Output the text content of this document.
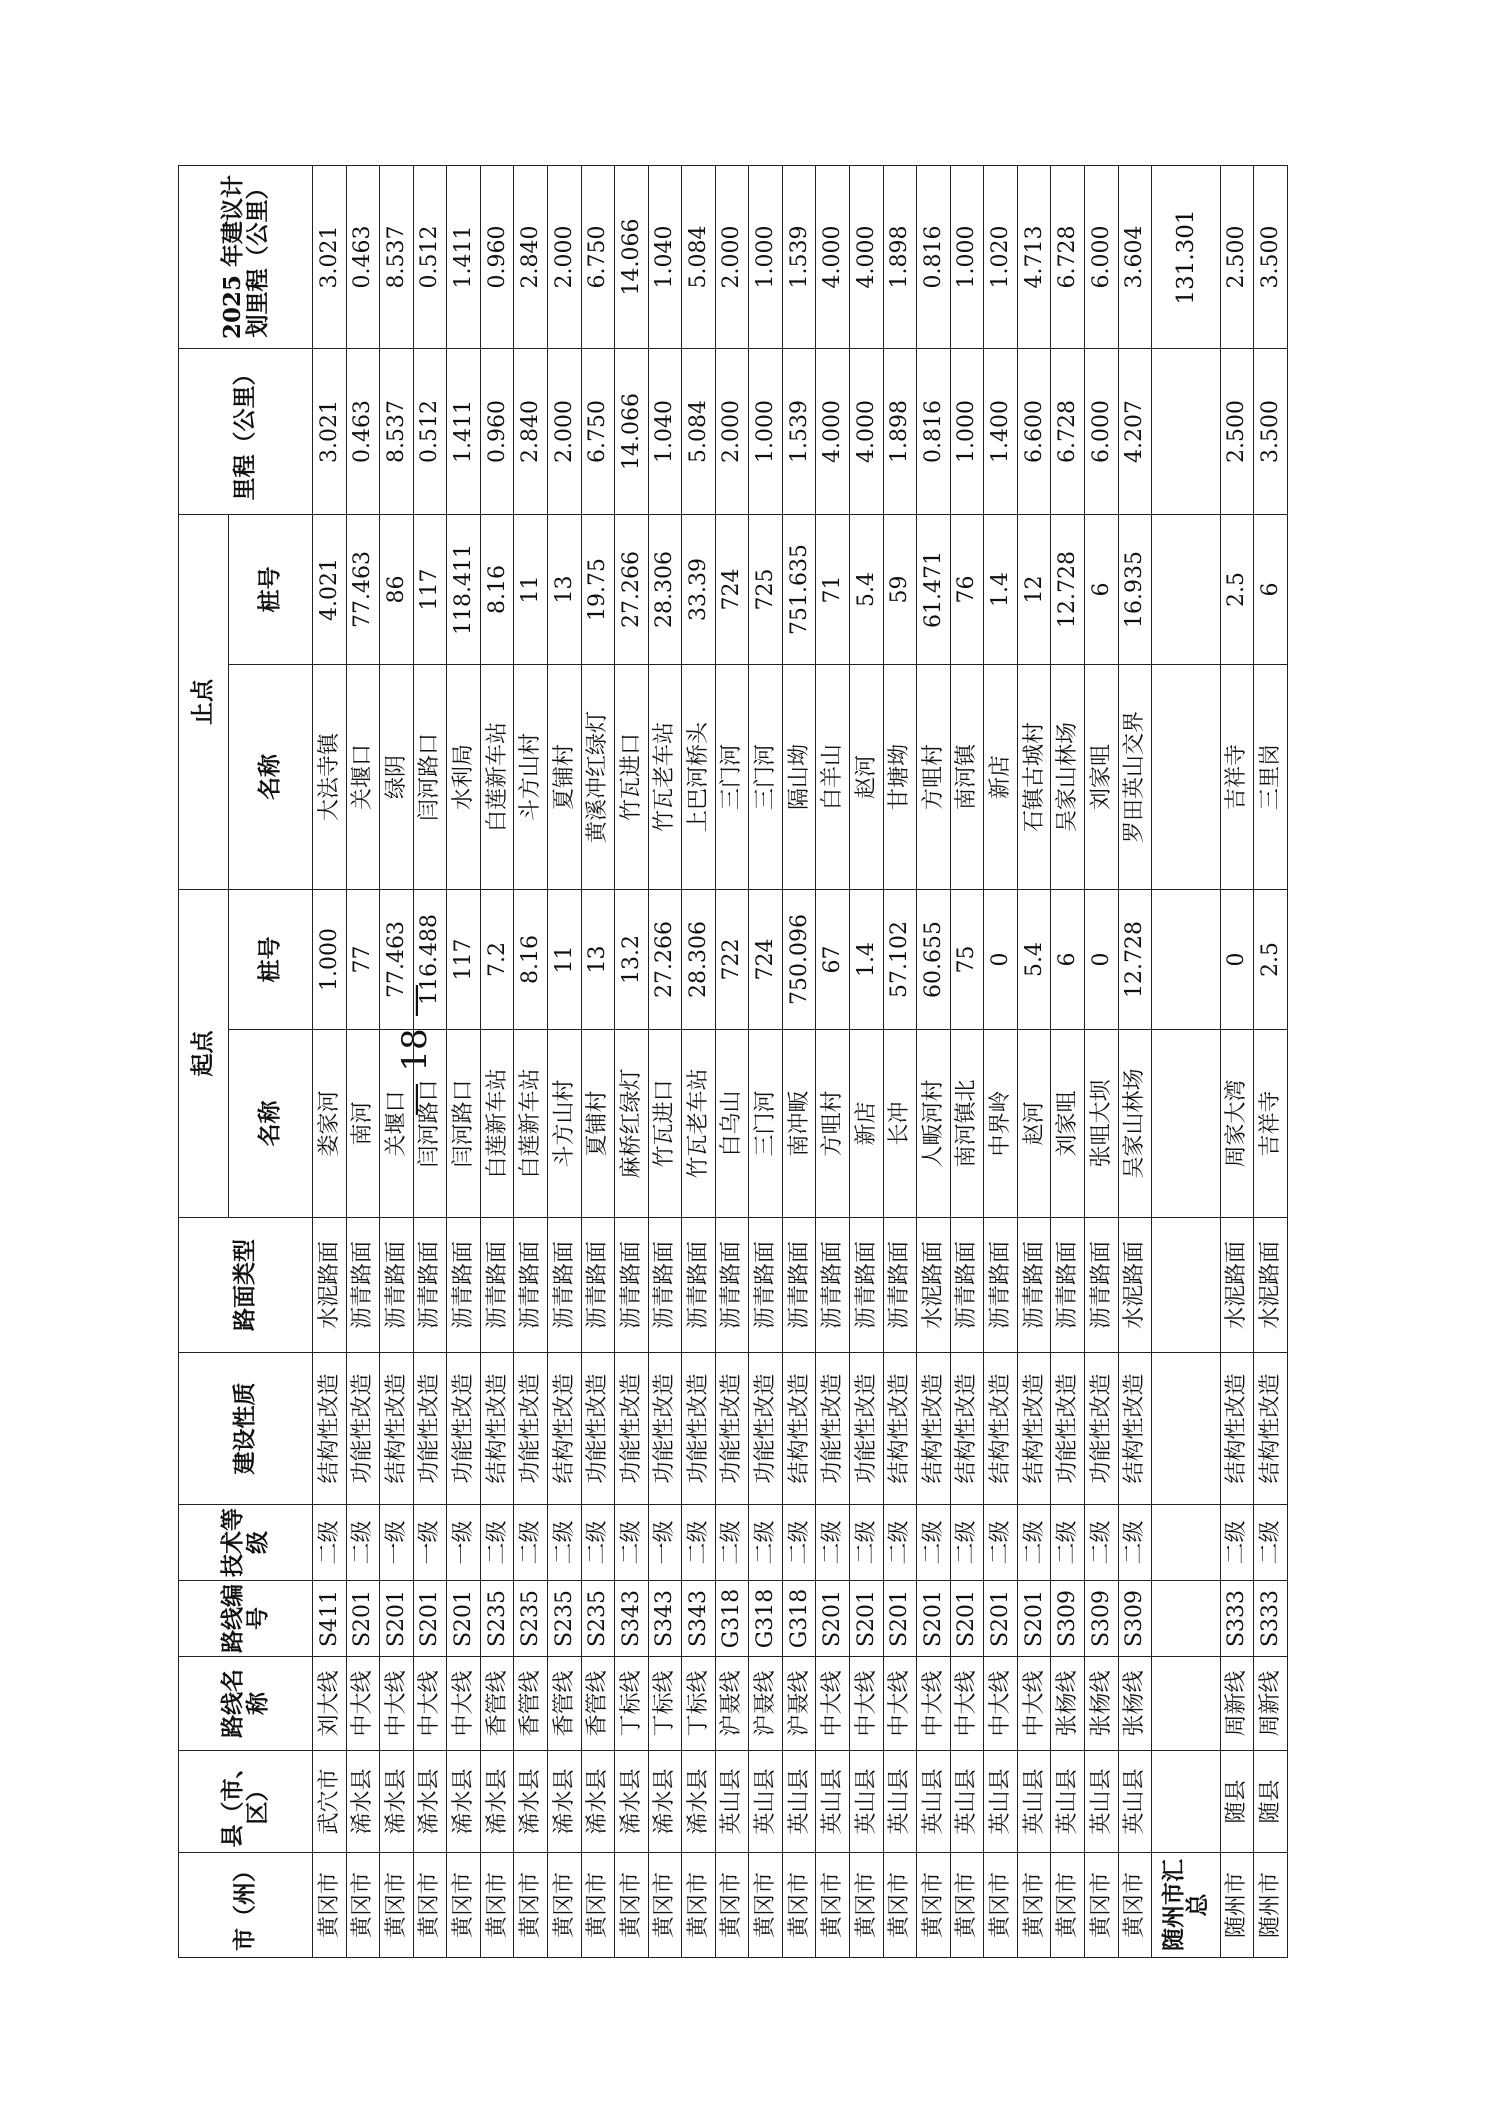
— 18 —
市（州）	县（市、区）	路线名称	路线编号	技术等级	建设性质	路面类型	起点		止点		里程（公里）	2025 年建议计划里程（公里）
							名称	桩号	名称	桩号		
黄冈市	武穴市	刘大线	S411	二级	结构性改造	水泥路面	娄家河	1.000	大法寺镇	4.021	3.021	3.021
黄冈市	浠水县	中大线	S201	二级	功能性改造	沥青路面	南河	77	关堰口	77.463	0.463	0.463
黄冈市	浠水县	中大线	S201	一级	结构性改造	沥青路面	关堰口	77.463	绿阴	86	8.537	8.537
黄冈市	浠水县	中大线	S201	一级	功能性改造	沥青路面	闫河路口	116.488	闫河路口	117	0.512	0.512
黄冈市	浠水县	中大线	S201	一级	功能性改造	沥青路面	闫河路口	117	水利局	118.411	1.411	1.411
黄冈市	浠水县	香管线	S235	二级	结构性改造	沥青路面	白莲新车站	7.2	白莲新车站	8.16	0.960	0.960
黄冈市	浠水县	香管线	S235	二级	功能性改造	沥青路面	白莲新车站	8.16	斗方山村	11	2.840	2.840
黄冈市	浠水县	香管线	S235	二级	结构性改造	沥青路面	斗方山村	11	夏铺村	13	2.000	2.000
黄冈市	浠水县	香管线	S235	二级	功能性改造	沥青路面	夏铺村	13	黄溪冲红绿灯	19.75	6.750	6.750
黄冈市	浠水县	丁标线	S343	二级	功能性改造	沥青路面	麻桥红绿灯	13.2	竹瓦进口	27.266	14.066	14.066
黄冈市	浠水县	丁标线	S343	一级	功能性改造	沥青路面	竹瓦进口	27.266	竹瓦老车站	28.306	1.040	1.040
黄冈市	浠水县	丁标线	S343	二级	功能性改造	沥青路面	竹瓦老车站	28.306	上巴河桥头	33.39	5.084	5.084
黄冈市	英山县	沪聂线	G318	二级	功能性改造	沥青路面	白乌山	722	三门河	724	2.000	2.000
黄冈市	英山县	沪聂线	G318	二级	功能性改造	沥青路面	三门河	724	三门河	725	1.000	1.000
黄冈市	英山县	沪聂线	G318	二级	结构性改造	沥青路面	南冲畈	750.096	隔山坳	751.635	1.539	1.539
黄冈市	英山县	中大线	S201	二级	功能性改造	沥青路面	方咀村	67	白羊山	71	4.000	4.000
黄冈市	英山县	中大线	S201	二级	功能性改造	沥青路面	新店	1.4	赵河	5.4	4.000	4.000
黄冈市	英山县	中大线	S201	二级	结构性改造	沥青路面	长冲	57.102	甘塘坳	59	1.898	1.898
黄冈市	英山县	中大线	S201	二级	结构性改造	水泥路面	人畈河村	60.655	方咀村	61.471	0.816	0.816
黄冈市	英山县	中大线	S201	二级	结构性改造	沥青路面	南河镇北	75	南河镇	76	1.000	1.000
黄冈市	英山县	中大线	S201	二级	结构性改造	沥青路面	中界岭	0	新店	1.4	1.400	1.020
黄冈市	英山县	中大线	S201	二级	结构性改造	沥青路面	赵河	5.4	石镇古城村	12	6.600	4.713
黄冈市	英山县	张杨线	S309	二级	功能性改造	沥青路面	刘家咀	6	吴家山林场	12.728	6.728	6.728
黄冈市	英山县	张杨线	S309	二级	功能性改造	沥青路面	张咀大坝	0	刘家咀	6	6.000	6.000
黄冈市	英山县	张杨线	S309	二级	结构性改造	水泥路面	吴家山林场	12.728	罗田英山交界	16.935	4.207	3.604
随州市汇总												131.301
随州市	随县	周新线	S333	二级	结构性改造	水泥路面	周家大湾	0	吉祥寺	2.5	2.500	2.500
随州市	随县	周新线	S333	二级	结构性改造	水泥路面	吉祥寺	2.5	三里岗	6	3.500	3.500
